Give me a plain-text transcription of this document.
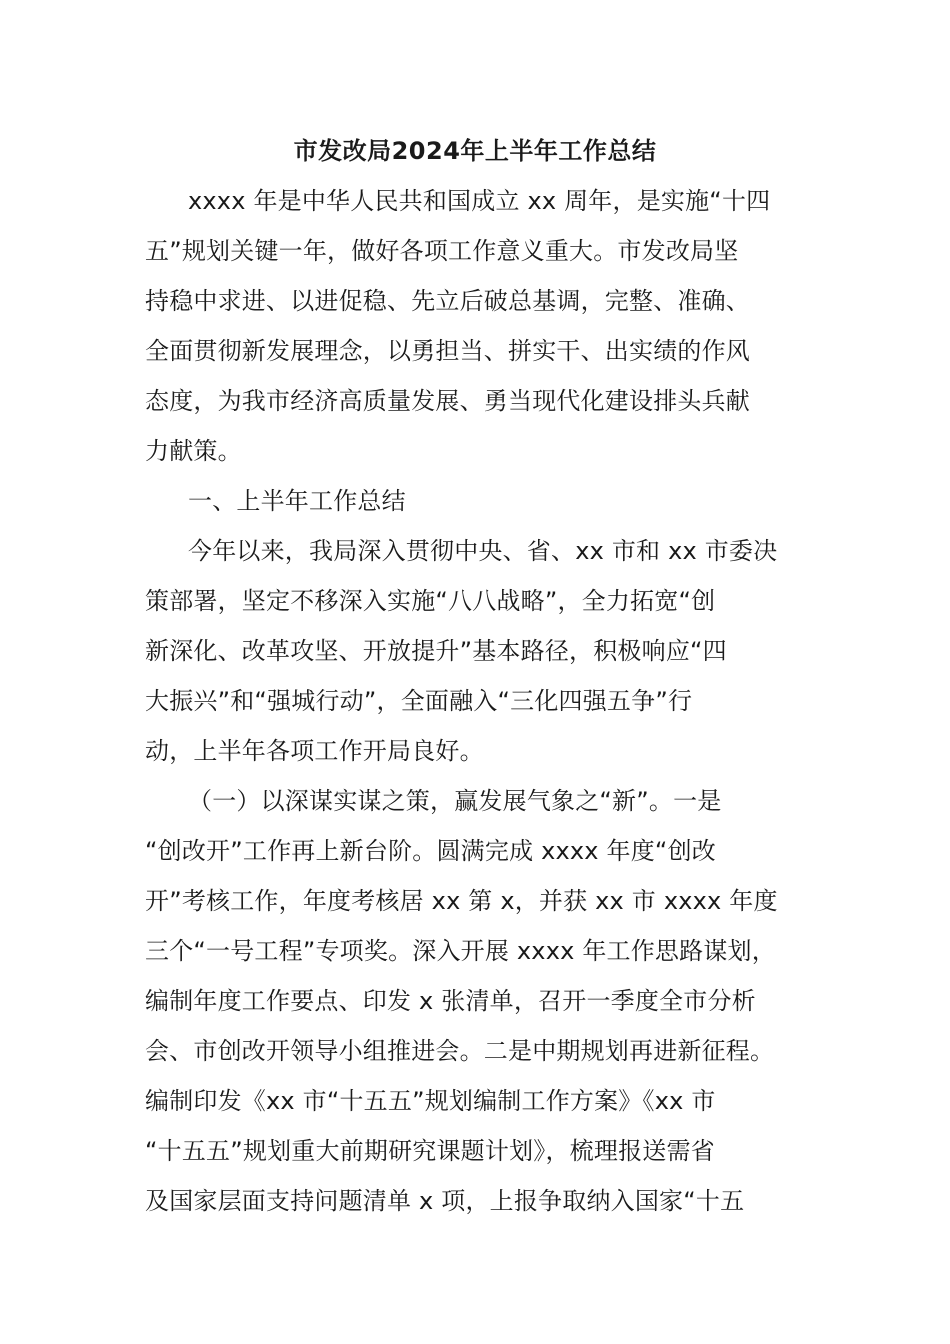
市发改局2024年上半年工作总结
xxxx 年是中华人民共和国成立 xx 周年，是实施“十四
五”规划关键一年，做好各项工作意义重大。市发改局坚
持稳中求进、以进促稳、先立后破总基调，完整、准确、
全面贯彻新发展理念，以勇担当、拼实干、出实绩的作风
态度，为我市经济高质量发展、勇当现代化建设排头兵献
力献策。
一、上半年工作总结
今年以来，我局深入贯彻中央、省、xx 市和 xx 市委决
策部署，坚定不移深入实施“八八战略”，全力拓宽“创
新深化、改革攻坚、开放提升”基本路径，积极响应“四
大振兴”和“强城行动”，全面融入“三化四强五争”行
动，上半年各项工作开局良好。
（一）以深谋实谋之策，赢发展气象之“新”。一是
“创改开”工作再上新台阶。圆满完成 xxxx 年度“创改
开”考核工作，年度考核居 xx 第 x，并获 xx 市 xxxx 年度
三个“一号工程”专项奖。深入开展 xxxx 年工作思路谋划，
编制年度工作要点、印发 x 张清单，召开一季度全市分析
会、市创改开领导小组推进会。二是中期规划再进新征程。
编制印发《xx 市“十五五”规划编制工作方案》《xx 市
“十五五”规划重大前期研究课题计划》，梳理报送需省
及国家层面支持问题清单 x 项，上报争取纳入国家“十五
